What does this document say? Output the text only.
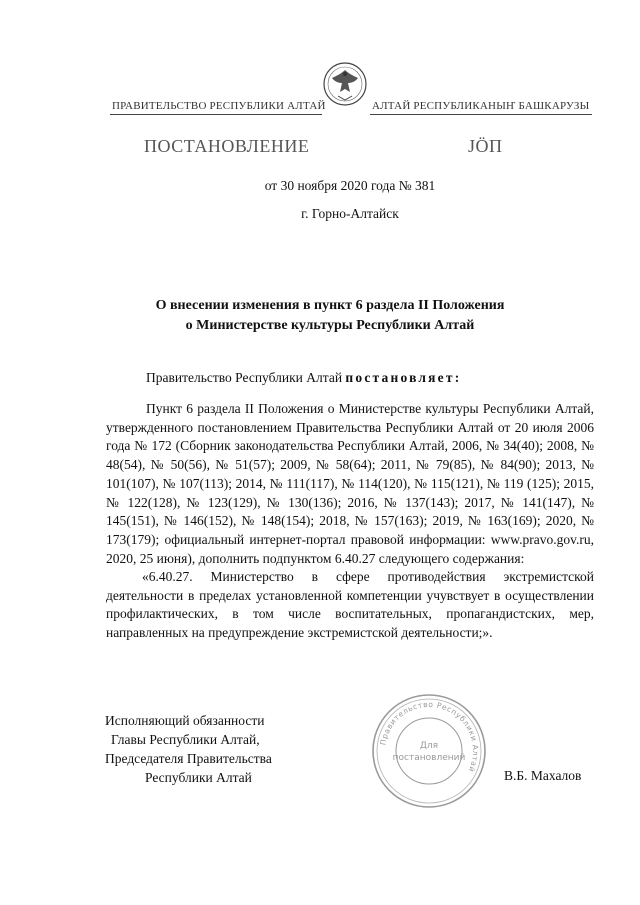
ПРАВИТЕЛЬСТВО РЕСПУБЛИКИ АЛТАЙ	АЛТАЙ РЕСПУБЛИКАНЫҤ БАШКАРУЗЫ
ПОСТАНОВЛЕНИЕ	ЈӦП
от 30 ноября 2020 года № 381
г. Горно-Алтайск
О внесении изменения в пункт 6 раздела II Положения
о Министерстве культуры Республики Алтай
Правительство Республики Алтай постановляет:
Пункт 6 раздела II Положения о Министерстве культуры Республики Алтай, утвержденного постановлением Правительства Республики Алтай от 20 июля 2006 года № 172 (Сборник законодательства Республики Алтай, 2006, № 34(40); 2008, № 48(54), № 50(56), № 51(57); 2009, № 58(64); 2011, № 79(85), № 84(90); 2013, № 101(107), № 107(113); 2014, № 111(117), № 114(120), № 115(121), № 119 (125); 2015, № 122(128), № 123(129), № 130(136); 2016, № 137(143); 2017, № 141(147), № 145(151), № 146(152), № 148(154); 2018, № 157(163); 2019, № 163(169); 2020, № 173(179); официальный интернет-портал правовой информации: www.pravo.gov.ru, 2020, 25 июня), дополнить подпунктом 6.40.27 следующего содержания:
«6.40.27. Министерство в сфере противодействия экстремистской деятельности в пределах установленной компетенции учувствует в осуществлении профилактических, в том числе воспитательных, пропагандистских, мер, направленных на предупреждение экстремистской деятельности;».
Исполняющий обязанности
Главы Республики Алтай,
Председателя Правительства
Республики Алтай	В.Б. Махалов
Правительство Республики Алтай
Для
постановлений
